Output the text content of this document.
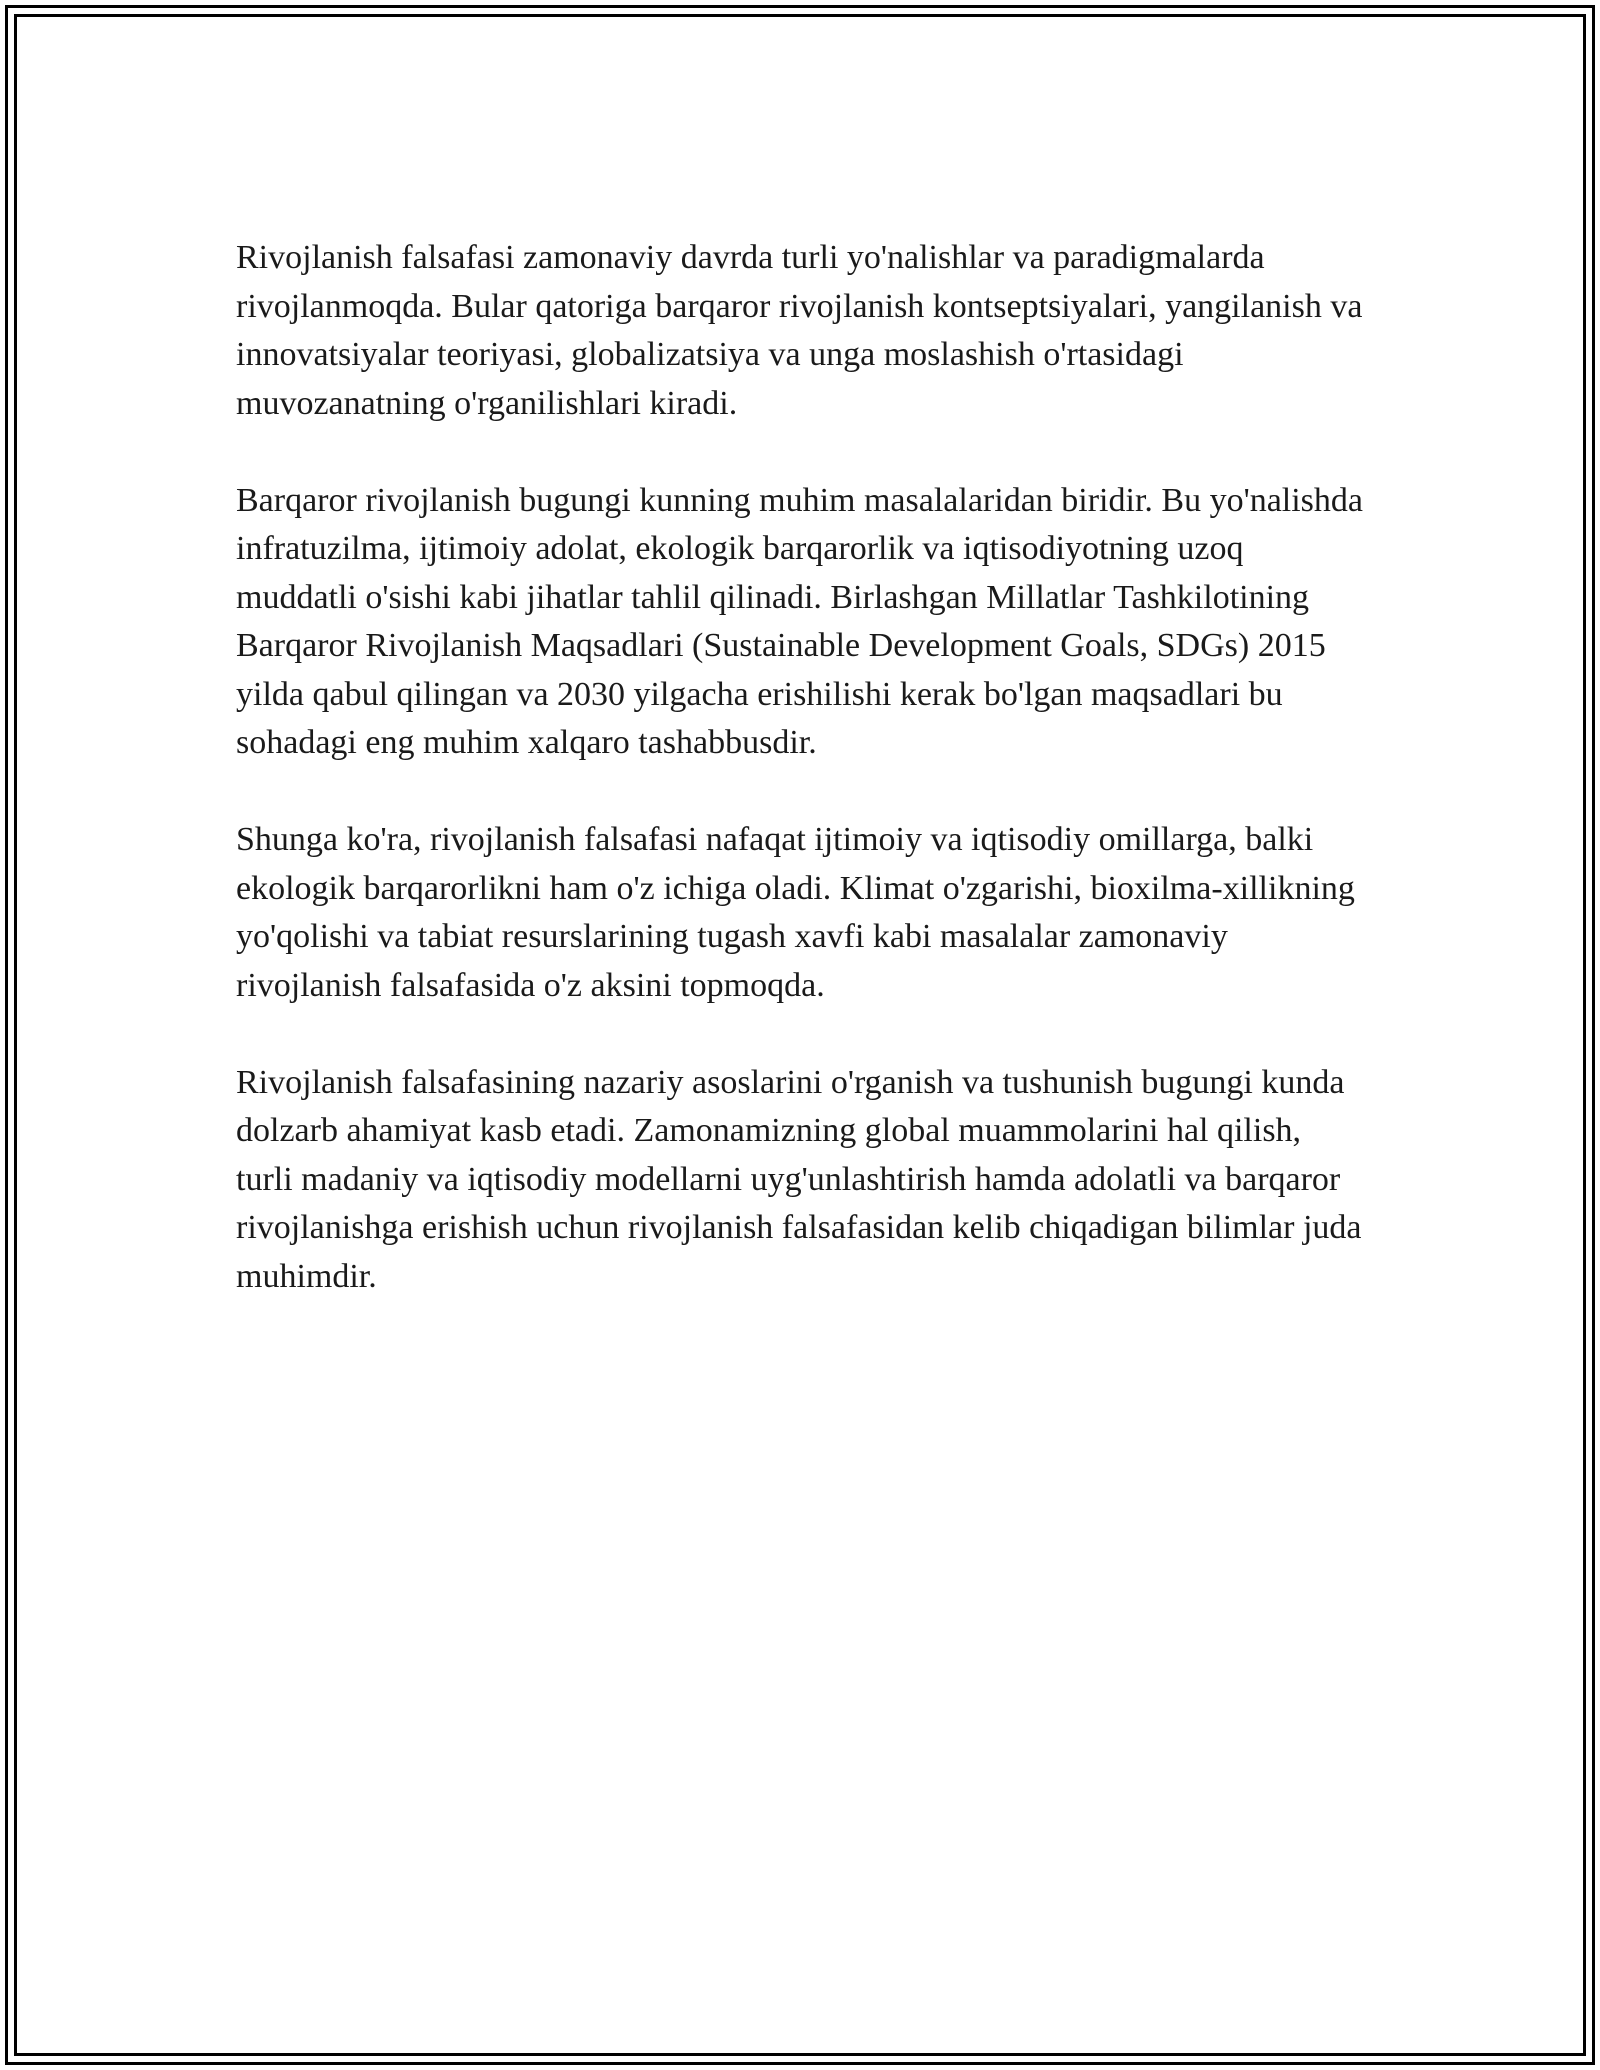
Rivojlanish falsafasi zamonaviy davrda turli yo'nalishlar va paradigmalarda rivojlanmoqda. Bular qatoriga barqaror rivojlanish kontseptsiyalari, yangilanish va innovatsiyalar teoriyasi, globalizatsiya va unga moslashish o'rtasidagi muvozanatning o'rganilishlari kiradi.

Barqaror rivojlanish bugungi kunning muhim masalalaridan biridir. Bu yo'nalishda infratuzilma, ijtimoiy adolat, ekologik barqarorlik va iqtisodiyotning uzoq muddatli o'sishi kabi jihatlar tahlil qilinadi. Birlashgan Millatlar Tashkilotining Barqaror Rivojlanish Maqsadlari (Sustainable Development Goals, SDGs) 2015 yilda qabul qilingan va 2030 yilgacha erishilishi kerak bo'lgan maqsadlari bu sohadagi eng muhim xalqaro tashabbusdir.

Shunga ko'ra, rivojlanish falsafasi nafaqat ijtimoiy va iqtisodiy omillarga, balki ekologik barqarorlikni ham o'z ichiga oladi. Klimat o'zgarishi, bioxilma-xillikning yo'qolishi va tabiat resurslarining tugash xavfi kabi masalalar zamonaviy rivojlanish falsafasida o'z aksini topmoqda.

Rivojlanish falsafasining nazariy asoslarini o'rganish va tushunish bugungi kunda dolzarb ahamiyat kasb etadi. Zamonamizning global muammolarini hal qilish, turli madaniy va iqtisodiy modellarni uyg'unlashtirish hamda adolatli va barqaror rivojlanishga erishish uchun rivojlanish falsafasidan kelib chiqadigan bilimlar juda muhimdir.
